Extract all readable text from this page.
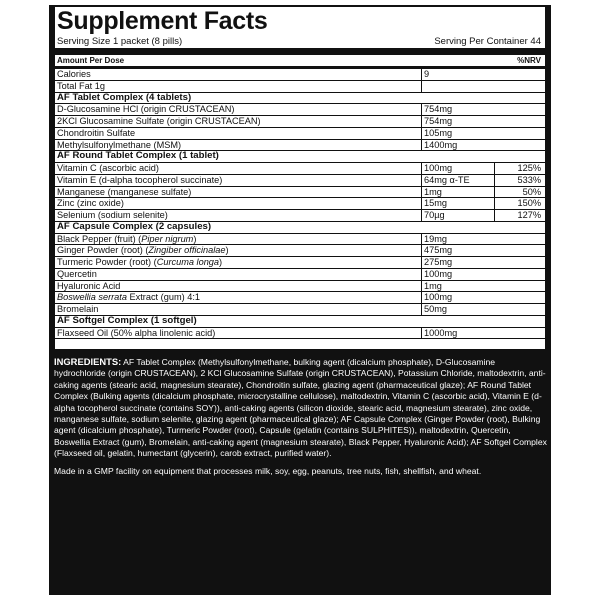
Supplement Facts
Serving Size 1 packet (8 pills)	Serving Per Container 44
Amount Per Dose	%NRV
Calories	9
Total Fat 1g
AF Tablet Complex (4 tablets)
D-Glucosamine HCl (origin CRUSTACEAN)	754mg
2KCl Glucosamine Sulfate (origin CRUSTACEAN)	754mg
Chondroitin Sulfate	105mg
Methylsulfonylmethane (MSM)	1400mg
AF Round Tablet Complex (1 tablet)
Vitamin C (ascorbic acid)	100mg	125%
Vitamin E (d-alpha tocopherol succinate)	64mg α-TE	533%
Manganese (manganese sulfate)	1mg	50%
Zinc (zinc oxide)	15mg	150%
Selenium (sodium selenite)	70µg	127%
AF Capsule Complex (2 capsules)
Black Pepper (fruit) (Piper nigrum)	19mg
Ginger Powder (root) (Zingiber officinalae)	475mg
Turmeric Powder (root) (Curcuma longa)	275mg
Quercetin	100mg
Hyaluronic Acid	1mg
Boswellia serrata Extract (gum) 4:1	100mg
Bromelain	50mg
AF Softgel Complex (1 softgel)
Flaxseed Oil (50% alpha linolenic acid)	1000mg

INGREDIENTS: AF Tablet Complex (Methylsulfonylmethane, bulking agent (dicalcium phosphate), D-Glucosamine hydrochloride (origin CRUSTACEAN), 2 KCl Glucosamine Sulfate (origin CRUSTACEAN), Potassium Chloride, maltodextrin, anti-caking agents (stearic acid, magnesium stearate), Chondroitin sulfate, glazing agent (pharmaceutical glaze); AF Round Tablet Complex (Bulking agents (dicalcium phosphate, microcrystalline cellulose), maltodextrin, Vitamin C (ascorbic acid), Vitamin E (d-alpha tocopherol succinate (contains SOY)), anti-caking agents (silicon dioxide, stearic acid, magnesium stearate), zinc oxide, manganese sulfate, sodium selenite, glazing agent (pharmaceutical glaze); AF Capsule Complex (Ginger Powder (root), Bulking agent (dicalcium phosphate), Turmeric Powder (root), Capsule (gelatin (contains SULPHITES)), maltodextrin, Quercetin, Boswellia Extract (gum), Bromelain, anti-caking agent (magnesium stearate), Black Pepper, Hyaluronic Acid); AF Softgel Complex (Flaxseed oil, gelatin, humectant (glycerin), carob extract, purified water).

Made in a GMP facility on equipment that processes milk, soy, egg, peanuts, tree nuts, fish, shellfish, and wheat.
